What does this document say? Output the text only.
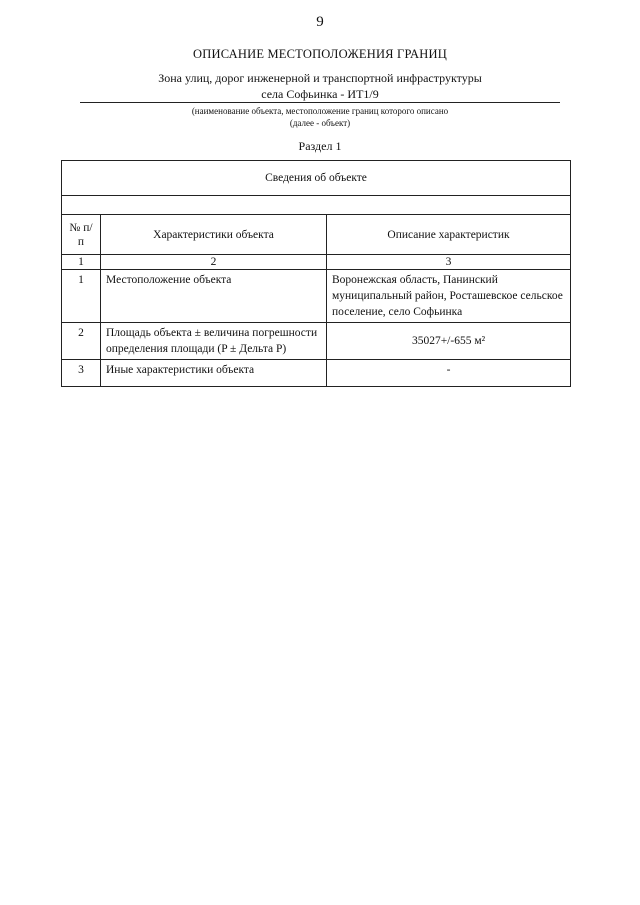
9
ОПИСАНИЕ МЕСТОПОЛОЖЕНИЯ ГРАНИЦ
Зона улиц, дорог инженерной и транспортной инфраструктуры
села Софьинка - ИТ1/9
(наименование объекта, местоположение границ которого описано
(далее - объект)
Раздел 1
Сведения об объекте		

№ п/п	Характеристики объекта	Описание характеристик
1	2	3
1	Местоположение объекта	Воронежская область, Панинский муниципальный район, Росташевское сельское поселение, село Софьинка
2	Площадь объекта ± величина погрешности определения площади (P ± Дельта P)	35027+/-655 м²
3	Иные характеристики объекта	-
